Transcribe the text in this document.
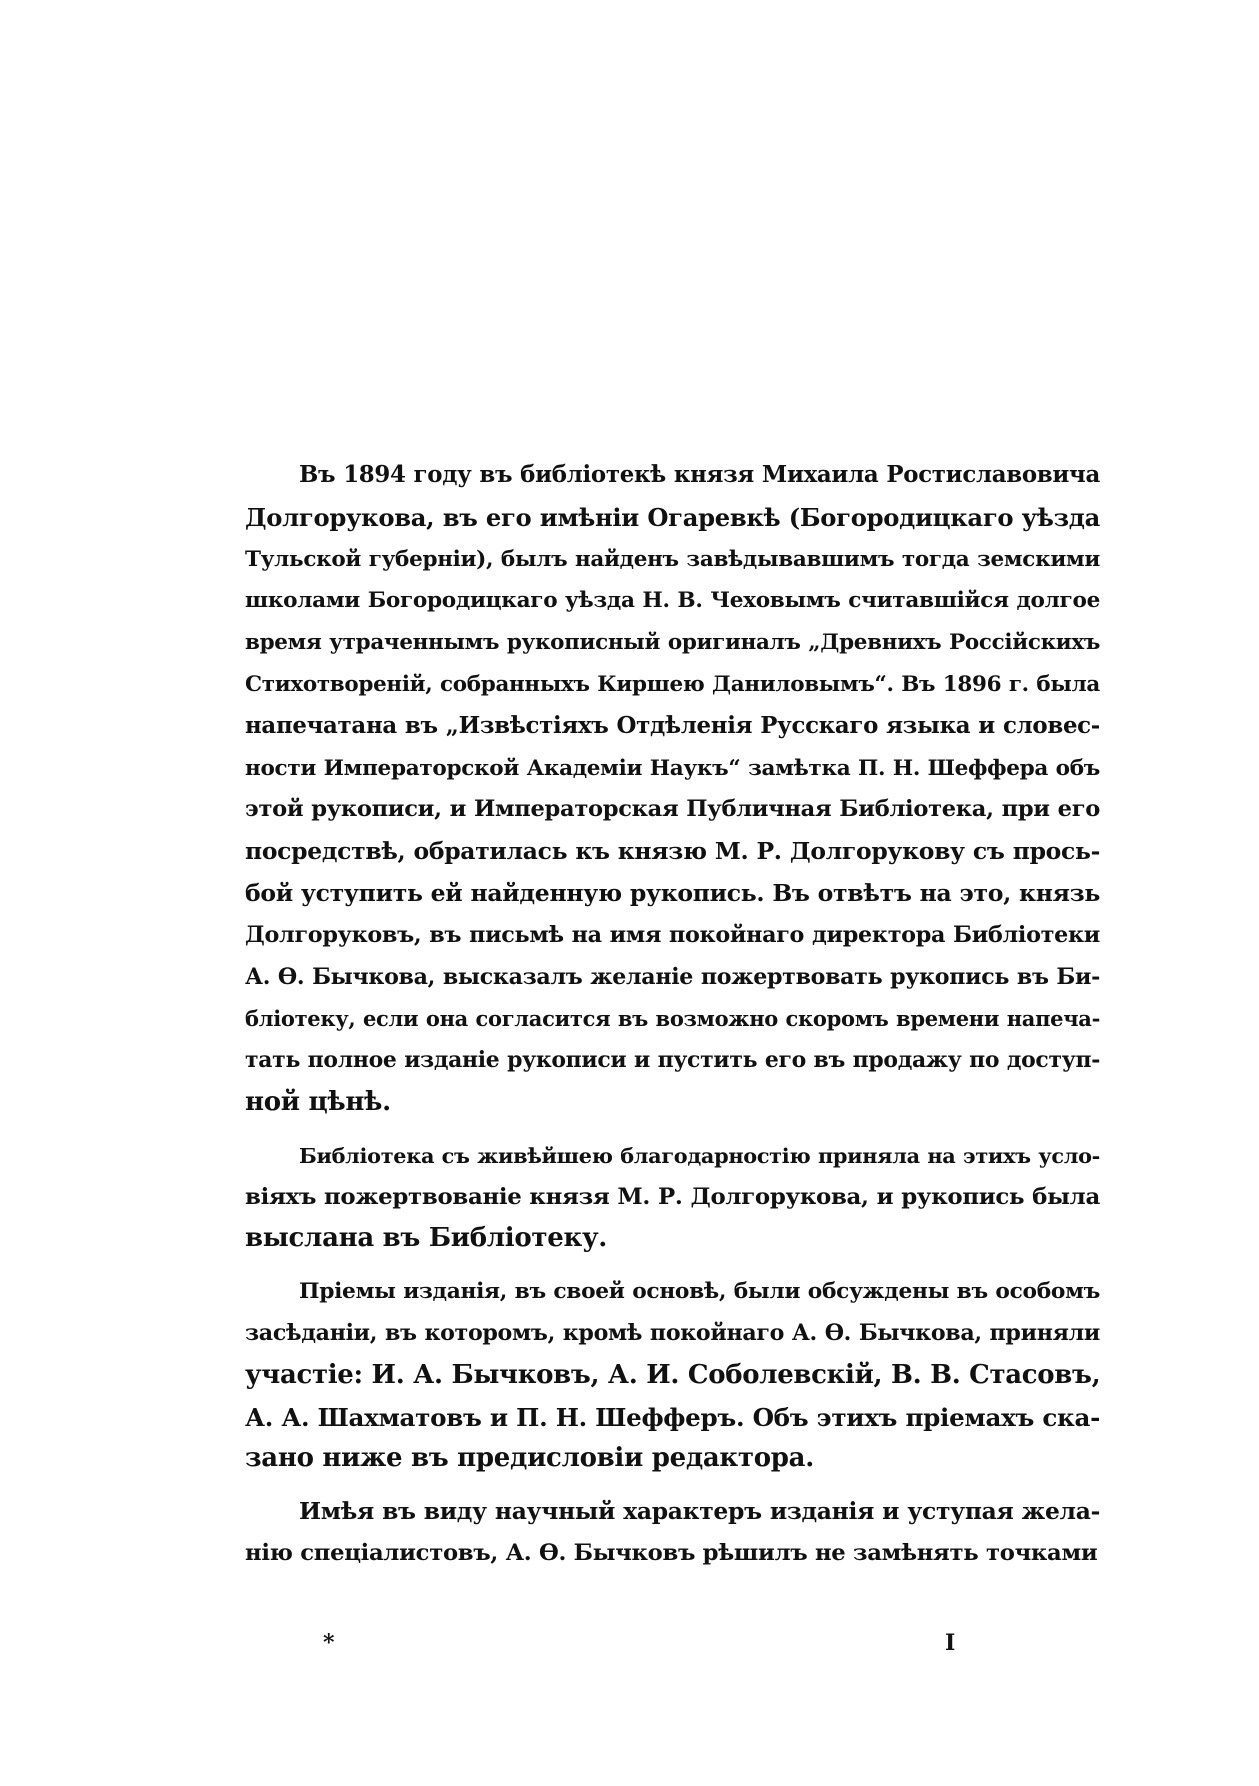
Въ 1894 году въ библіотекѣ князя Михаила Ростиславовича
Долгорукова, въ его имѣніи Огаревкѣ (Богородицкаго уѣзда
Тульской губерніи), былъ найденъ завѣдывавшимъ тогда земскими
школами Богородицкаго уѣзда Н. В. Чеховымъ считавшійся долгое
время утраченнымъ рукописный оригиналъ „Древнихъ Россійскихъ
Стихотвореній, собранныхъ Киршею Даниловымъ“. Въ 1896 г. была
напечатана въ „Извѣстіяхъ Отдѣленія Русскаго языка и словес-
ности Императорской Академіи Наукъ“ замѣтка П. Н. Шеффера объ
этой рукописи, и Императорская Публичная Библіотека, при его
посредствѣ, обратилась къ князю М. Р. Долгорукову съ прось-
бой уступить ей найденную рукопись. Въ отвѣтъ на это, князь
Долгоруковъ, въ письмѣ на имя покойнаго директора Библіотеки
А. Ѳ. Бычкова, высказалъ желаніе пожертвовать рукопись въ Би-
бліотеку, если она согласится въ возможно скоромъ времени напеча-
тать полное изданіе рукописи и пустить его въ продажу по доступ-
ной цѣнѣ.
Библіотека съ живѣйшею благодарностію приняла на этихъ усло-
віяхъ пожертвованіе князя М. Р. Долгорукова, и рукопись была
выслана въ Библіотеку.
Пріемы изданія, въ своей основѣ, были обсуждены въ особомъ
засѣданіи, въ которомъ, кромѣ покойнаго А. Ѳ. Бычкова, приняли
участіе: И. А. Бычковъ, А. И. Соболевскій, В. В. Стасовъ,
А. А. Шахматовъ и П. Н. Шефферъ. Объ этихъ пріемахъ ска-
зано ниже въ предисловіи редактора.
Имѣя въ виду научный характеръ изданія и уступая жела-
нію спеціалистовъ, А. Ѳ. Бычковъ рѣшилъ не замѣнять точками
*	I
